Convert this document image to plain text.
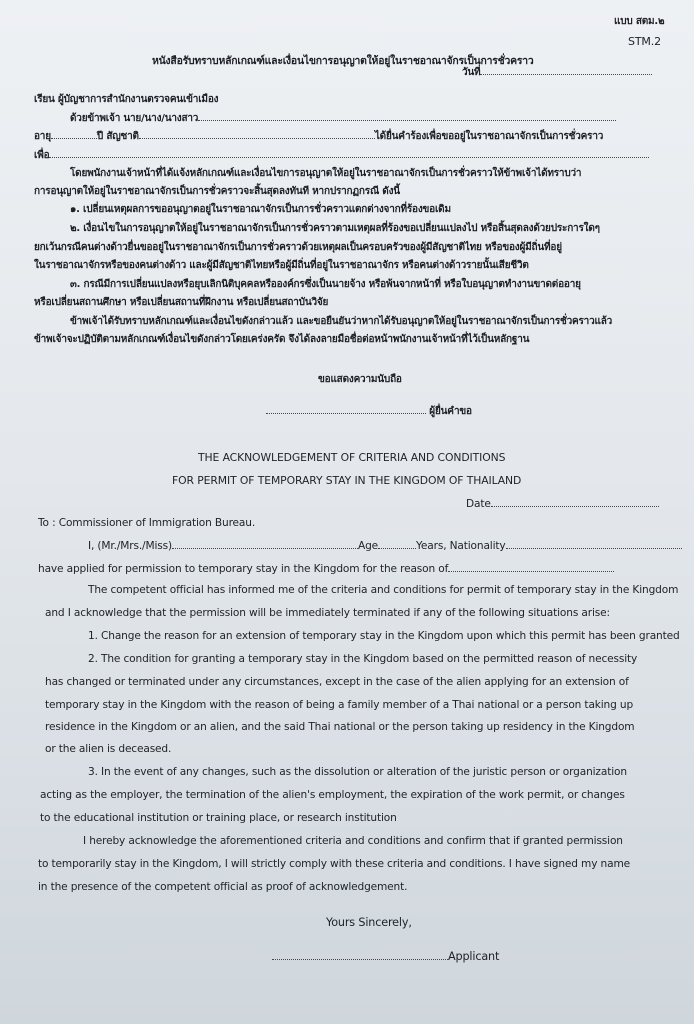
แบบ สตม.๒
STM.2
หนังสือรับทราบหลักเกณฑ์และเงื่อนไขการอนุญาตให้อยู่ในราชอาณาจักรเป็นการชั่วคราว
วันที่
เรียน ผู้บัญชาการสำนักงานตรวจคนเข้าเมือง
ด้วยข้าพเจ้า นาย/นาง/นางสาว
อายุ	ปี สัญชาติ	ได้ยื่นคำร้องเพื่อขออยู่ในราชอาณาจักรเป็นการชั่วคราว
เพื่อ
โดยพนักงานเจ้าหน้าที่ได้แจ้งหลักเกณฑ์และเงื่อนไขการอนุญาตให้อยู่ในราชอาณาจักรเป็นการชั่วคราวให้ข้าพเจ้าได้ทราบว่า
การอนุญาตให้อยู่ในราชอาณาจักรเป็นการชั่วคราวจะสิ้นสุดลงทันที หากปรากฏกรณี ดังนี้
๑. เปลี่ยนเหตุผลการขออนุญาตอยู่ในราชอาณาจักรเป็นการชั่วคราวแตกต่างจากที่ร้องขอเดิม
๒. เงื่อนไขในการอนุญาตให้อยู่ในราชอาณาจักรเป็นการชั่วคราวตามเหตุผลที่ร้องขอเปลี่ยนแปลงไป หรือสิ้นสุดลงด้วยประการใดๆ
ยกเว้นกรณีคนต่างด้าวยื่นขออยู่ในราชอาณาจักรเป็นการชั่วคราวด้วยเหตุผลเป็นครอบครัวของผู้มีสัญชาติไทย หรือของผู้มีถิ่นที่อยู่
ในราชอาณาจักรหรือของคนต่างด้าว และผู้มีสัญชาติไทยหรือผู้มีถิ่นที่อยู่ในราชอาณาจักร หรือคนต่างด้าวรายนั้นเสียชีวิต
๓. กรณีมีการเปลี่ยนแปลงหรือยุบเลิกนิติบุคคลหรือองค์กรซึ่งเป็นนายจ้าง หรือพ้นจากหน้าที่ หรือใบอนุญาตทำงานขาดต่ออายุ
หรือเปลี่ยนสถานศึกษา หรือเปลี่ยนสถานที่ฝึกงาน หรือเปลี่ยนสถาบันวิจัย
ข้าพเจ้าได้รับทราบหลักเกณฑ์และเงื่อนไขดังกล่าวแล้ว และขอยืนยันว่าหากได้รับอนุญาตให้อยู่ในราชอาณาจักรเป็นการชั่วคราวแล้ว
ข้าพเจ้าจะปฏิบัติตามหลักเกณฑ์เงื่อนไขดังกล่าวโดยเคร่งครัด จึงได้ลงลายมือชื่อต่อหน้าพนักงานเจ้าหน้าที่ไว้เป็นหลักฐาน
ขอแสดงความนับถือ
ผู้ยื่นคำขอ
THE ACKNOWLEDGEMENT OF CRITERIA AND CONDITIONS
FOR PERMIT OF TEMPORARY STAY IN THE KINGDOM OF THAILAND
Date
To : Commissioner of Immigration Bureau.
I, (Mr./Mrs./Miss)	Age	Years, Nationality
have applied for permission to temporary stay in the Kingdom for the reason of
The competent official has informed me of the criteria and conditions for permit of temporary stay in the Kingdom
and I acknowledge that the permission will be immediately terminated if any of the following situations arise:
1. Change the reason for an extension of temporary stay in the Kingdom upon which this permit has been granted
2. The condition for granting a temporary stay in the Kingdom based on the permitted reason of necessity
has changed or terminated under any circumstances, except in the case of the alien applying for an extension of
temporary stay in the Kingdom with the reason of being a family member of a Thai national or a person taking up
residence in the Kingdom or an alien, and the said Thai national or the person taking up residency in the Kingdom
or the alien is deceased.
3. In the event of any changes, such as the dissolution or alteration of the juristic person or organization
acting as the employer, the termination of the alien's employment, the expiration of the work permit, or changes
to the educational institution or training place, or research institution
I hereby acknowledge the aforementioned criteria and conditions and confirm that if granted permission
to temporarily stay in the Kingdom, I will strictly comply with these criteria and conditions. I have signed my name
in the presence of the competent official as proof of acknowledgement.
Yours Sincerely,
Applicant
